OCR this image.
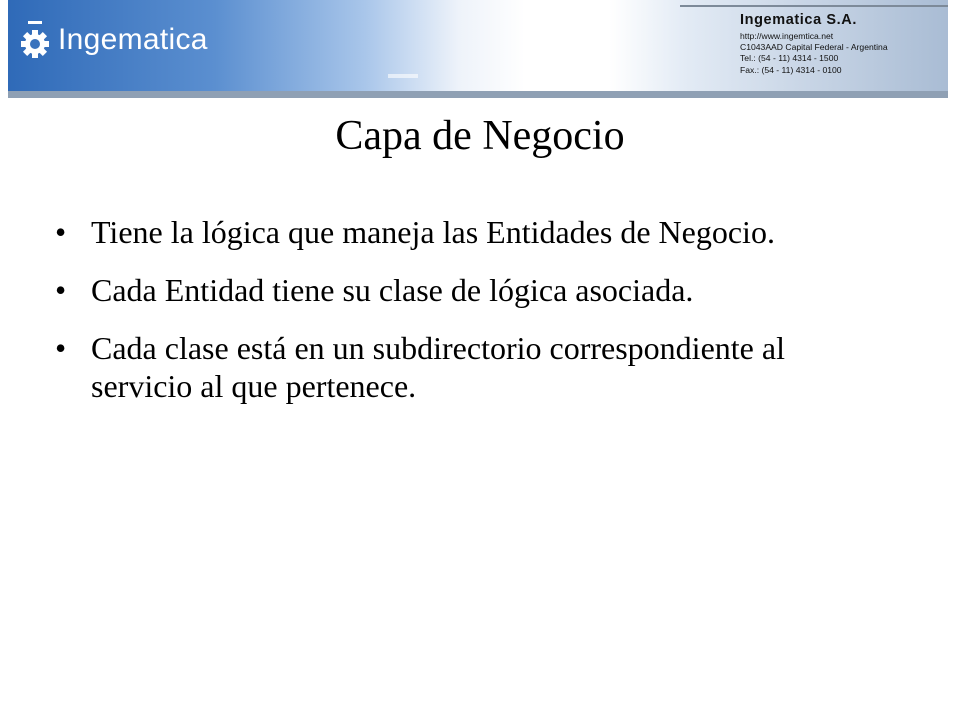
Ingematica
Ingematica S.A.
http://www.ingemtica.net
C1043AAD Capital Federal - Argentina
Tel.: (54 - 11) 4314 - 1500
Fax.: (54 - 11) 4314 - 0100
Capa de Negocio
• Tiene la lógica que maneja las Entidades de Negocio.
• Cada Entidad tiene su clase de lógica asociada.
• Cada clase está en un subdirectorio correspondiente al servicio al que pertenece.
